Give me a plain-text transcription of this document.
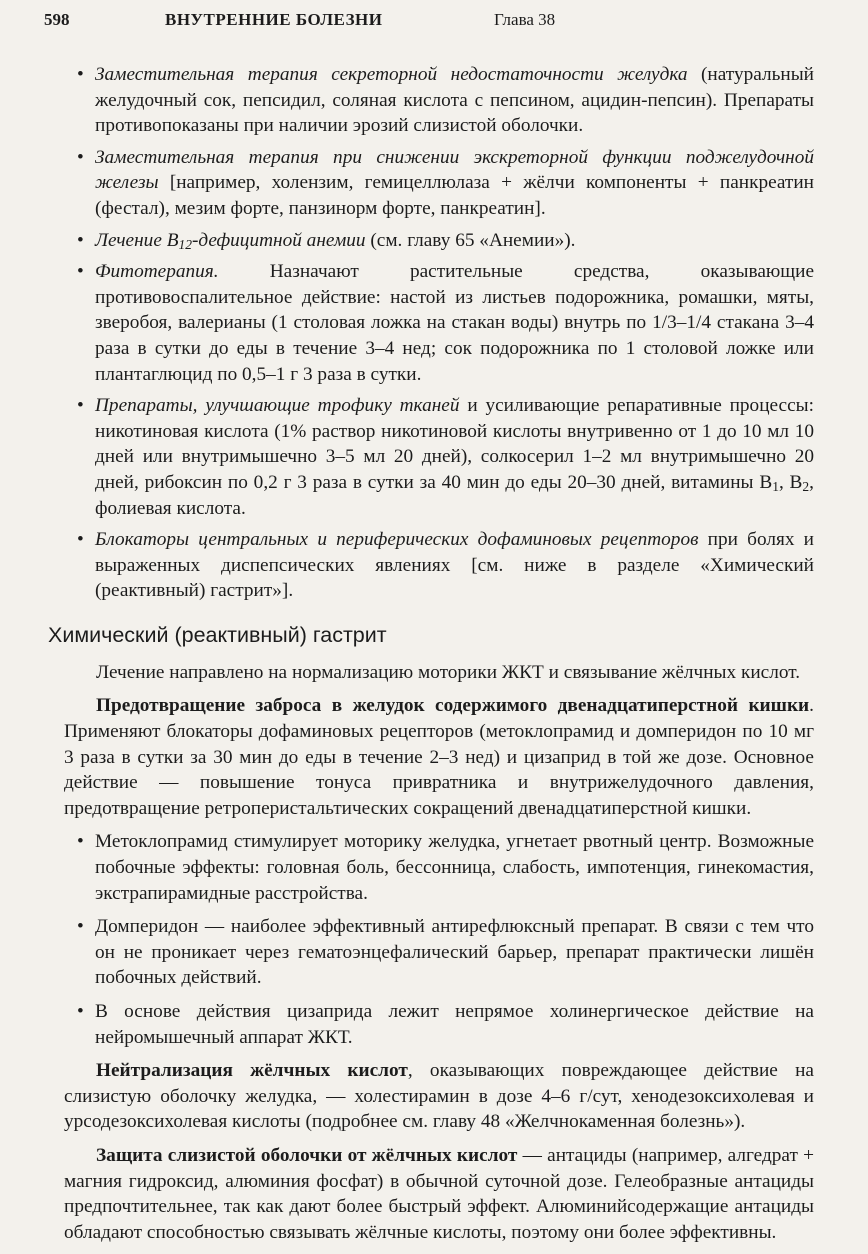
598	ВНУТРЕННИЕ БОЛЕЗНИ	Глава 38
• Заместительная терапия секреторной недостаточности желудка (натуральный желудочный сок, пепсидил, соляная кислота с пепсином, ацидин-пепсин). Препараты противопоказаны при наличии эрозий слизистой оболочки.
• Заместительная терапия при снижении экскреторной функции поджелудочной железы [например, холензим, гемицеллюлаза + жёлчи компоненты + панкреатин (фестал), мезим форте, панзинорм форте, панкреатин].
• Лечение $B_{12}$-дефицитной анемии (см. главу 65 «Анемии»).
• Фитотерапия. Назначают растительные средства, оказывающие противовоспалительное действие: настой из листьев подорожника, ромашки, мяты, зверобоя, валерианы (1 столовая ложка на стакан воды) внутрь по 1/3–1/4 стакана 3–4 раза в сутки до еды в течение 3–4 нед; сок подорожника по 1 столовой ложке или плантаглюцид по 0,5–1 г 3 раза в сутки.
• Препараты, улучшающие трофику тканей и усиливающие репаративные процессы: никотиновая кислота (1% раствор никотиновой кислоты внутривенно от 1 до 10 мл 10 дней или внутримышечно 3–5 мл 20 дней), солкосерил 1–2 мл внутримышечно 20 дней, рибоксин по 0,2 г 3 раза в сутки за 40 мин до еды 20–30 дней, витамины $B_1$, $B_2$, фолиевая кислота.
• Блокаторы центральных и периферических дофаминовых рецепторов при болях и выраженных диспепсических явлениях [см. ниже в разделе «Химический (реактивный) гастрит»].
Химический (реактивный) гастрит

Лечение направлено на нормализацию моторики ЖКТ и связывание жёлчных кислот.

Предотвращение заброса в желудок содержимого двенадцатиперстной кишки. Применяют блокаторы дофаминовых рецепторов (метоклопрамид и домперидон по 10 мг 3 раза в сутки за 30 мин до еды в течение 2–3 нед) и цизаприд в той же дозе. Основное действие — повышение тонуса привратника и внутрижелудочного давления, предотвращение ретроперистальтических сокращений двенадцатиперстной кишки.

• Метоклопрамид стимулирует моторику желудка, угнетает рвотный центр. Возможные побочные эффекты: головная боль, бессонница, слабость, импотенция, гинекомастия, экстрапирамидные расстройства.
• Домперидон — наиболее эффективный антирефлюксный препарат. В связи с тем что он не проникает через гематоэнцефалический барьер, препарат практически лишён побочных действий.
• В основе действия цизаприда лежит непрямое холинергическое действие на нейромышечный аппарат ЖКТ.

Нейтрализация жёлчных кислот, оказывающих повреждающее действие на слизистую оболочку желудка, — холестирамин в дозе 4–6 г/сут, хенодезоксихолевая и урсодезоксихолевая кислоты (подробнее см. главу 48 «Желчнокаменная болезнь»).

Защита слизистой оболочки от жёлчных кислот — антациды (например, алгедрат + магния гидроксид, алюминия фосфат) в обычной суточной дозе. Гелеобразные антациды предпочтительнее, так как дают более быстрый эффект. Алюминийсодержащие антациды обладают способностью связывать жёлчные кислоты, поэтому они более эффективны.
